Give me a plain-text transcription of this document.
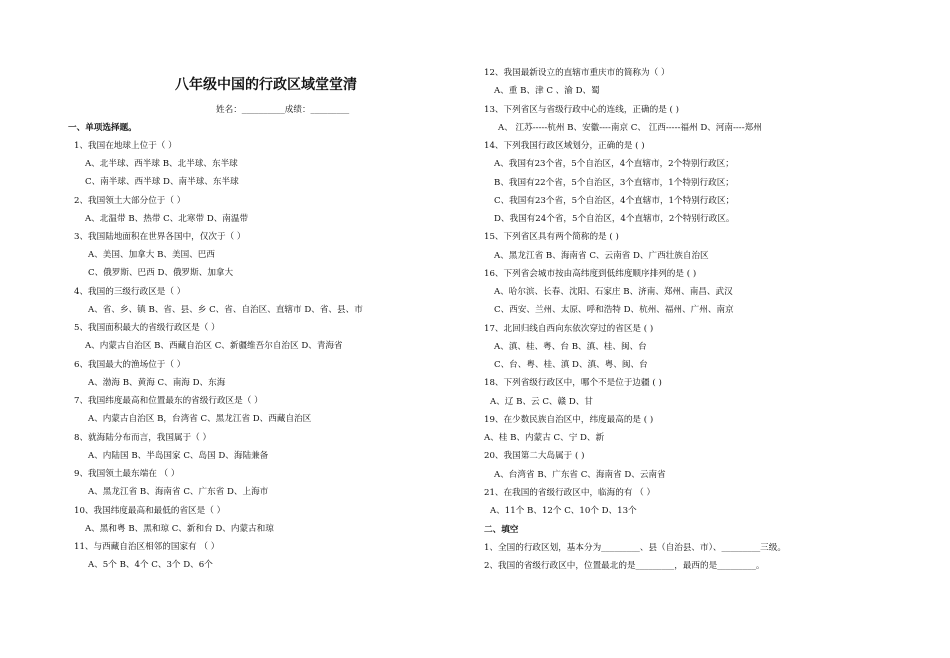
八年级中国的行政区域堂堂清
姓名：__________成绩：_________
一、单项选择题。
1、我国在地球上位于（ ）
A、北半球、西半球 B、北半球、东半球
C、南半球、西半球 D、南半球、东半球
2、我国领土大部分位于（ ）
A、北温带 B、热带 C、北寒带 D、南温带
3、我国陆地面积在世界各国中，仅次于（ ）
A、美国、加拿大 B、美国、巴西
C、俄罗斯、巴西 D、俄罗斯、加拿大
4、我国的三级行政区是（ ）
A、省、乡、镇 B、省、县、乡 C、省、自治区、直辖市 D、省、县、市
5、我国面积最大的省级行政区是（ ）
A、内蒙古自治区 B、西藏自治区 C、新疆维吾尔自治区 D、青海省
6、我国最大的渔场位于（ ）
A、渤海 B、黄海 C、南海 D、东海
7、我国纬度最高和位置最东的省级行政区是（ ）
A、内蒙古自治区 B，台湾省 C、黑龙江省 D、西藏自治区
8、就海陆分布而言，我国属于（ ）
A、内陆国 B、半岛国家 C、岛国 D、海陆兼备
9、我国领土最东端在 （ ）
A、黑龙江省 B、海南省 C、广东省 D、上海市
10、我国纬度最高和最低的省区是（ ）
A、黑和粤 B、黑和琼 C、新和台 D、内蒙古和琼
11、与西藏自治区相邻的国家有 （ ）
A、5个 B、4个 C、3个 D、6个
12、我国最新设立的直辖市重庆市的简称为（ ）
A、重 B、津 C 、渝 D、蜀
13、下列省区与省级行政中心的连线，正确的是 ( )
A、 江苏-----杭州 B、安徽----南京 C、 江西-----福州 D、河南----郑州
14、下列我国行政区域划分，正确的是 ( )
A、我国有23个省，5个自治区，4个直辖市，2个特别行政区；
B、我国有22个省，5个自治区，3个直辖市，1个特别行政区；
C、我国有23个省，5个自治区，4个直辖市，1个特别行政区；
D、我国有24个省，5个自治区，4个直辖市，2个特别行政区。
15、下列省区具有两个简称的是 ( )
A、黑龙江省 B、海南省 C、云南省 D、广西壮族自治区
16、下列省会城市按由高纬度到低纬度顺序排列的是 ( )
A、哈尔滨、长春、沈阳、石家庄 B、济南、郑州、南昌、武汉
C、西安、兰州、太原、呼和浩特 D、杭州、福州、广州、南京
17、北回归线自西向东依次穿过的省区是 ( )
A、滇、桂、粤、台 B、滇、桂、闽、台
C、台、粤、桂、滇 D、滇、粤、闽、台
18、下列省级行政区中，哪个不是位于边疆 ( )
A、辽 B、云 C、赣 D、甘
19、在少数民族自治区中，纬度最高的是 ( )
A、桂 B、内蒙古 C、宁 D、新
20、我国第二大岛属于 ( )
A、台湾省 B、广东省 C、海南省 D、云南省
21、在我国的省级行政区中，临海的有 （ ）
A、11个 B、12个 C、10个 D、13个
二、填空
1、全国的行政区划，基本分为_________、县（自治县、市）、_________三级。
2、我国的省级行政区中，位置最北的是_________，最西的是_________。
